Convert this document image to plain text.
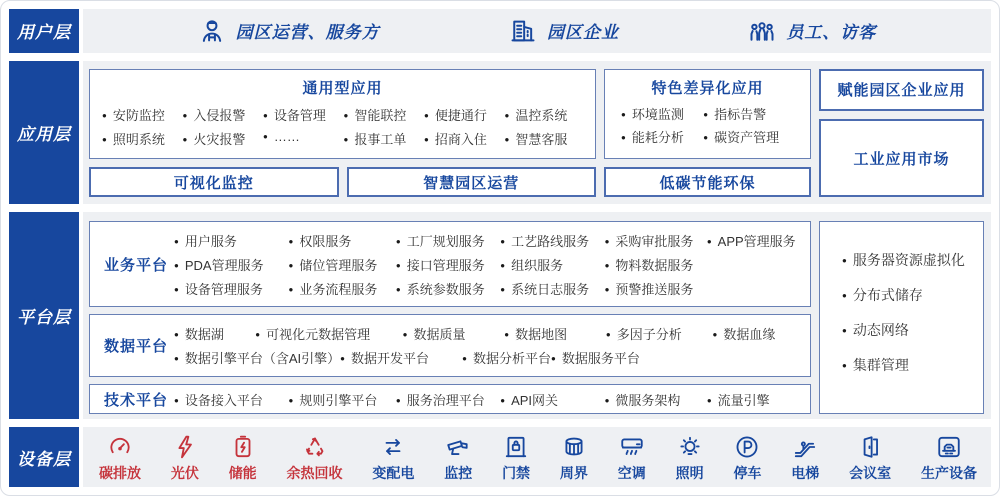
用户层	园区运营、服务方	园区企业	员工、访客
应用层
通用型应用
● 安防监控	● 入侵报警	● 设备管理	● 智能联控	● 便捷通行	● 温控系统
● 照明系统	● 火灾报警	● ……	● 报事工单	● 招商入住	● 智慧客服
可视化监控	智慧园区运营
特色差异化应用
● 环境监测	● 指标告警
● 能耗分析	● 碳资产管理
低碳节能环保
赋能园区企业应用
工业应用市场
平台层
业务平台
● 用户服务	● 权限服务	● 工厂规划服务	● 工艺路线服务	● 采购审批服务	● APP管理服务
● PDA管理服务	● 储位管理服务	● 接口管理服务	● 组织服务	● 物料数据服务
● 设备管理服务	● 业务流程服务	● 系统参数服务	● 系统日志服务	● 预警推送服务
数据平台
● 数据湖	● 可视化元数据管理	● 数据质量	● 数据地图	● 多因子分析	● 数据血缘
● 数据引擎平台（含AI引擎） ● 数据开发平台	● 数据分析平台 ● 数据服务平台
技术平台	● 设备接入平台	● 规则引擎平台	● 服务治理平台	● API网关	● 微服务架构	● 流量引擎
● 服务器资源虚拟化
● 分布式储存
● 动态网络
● 集群管理
设备层
碳排放 光伏 储能 余热回收 变配电 监控 门禁 周界 空调 照明 停车 电梯 会议室 生产设备
